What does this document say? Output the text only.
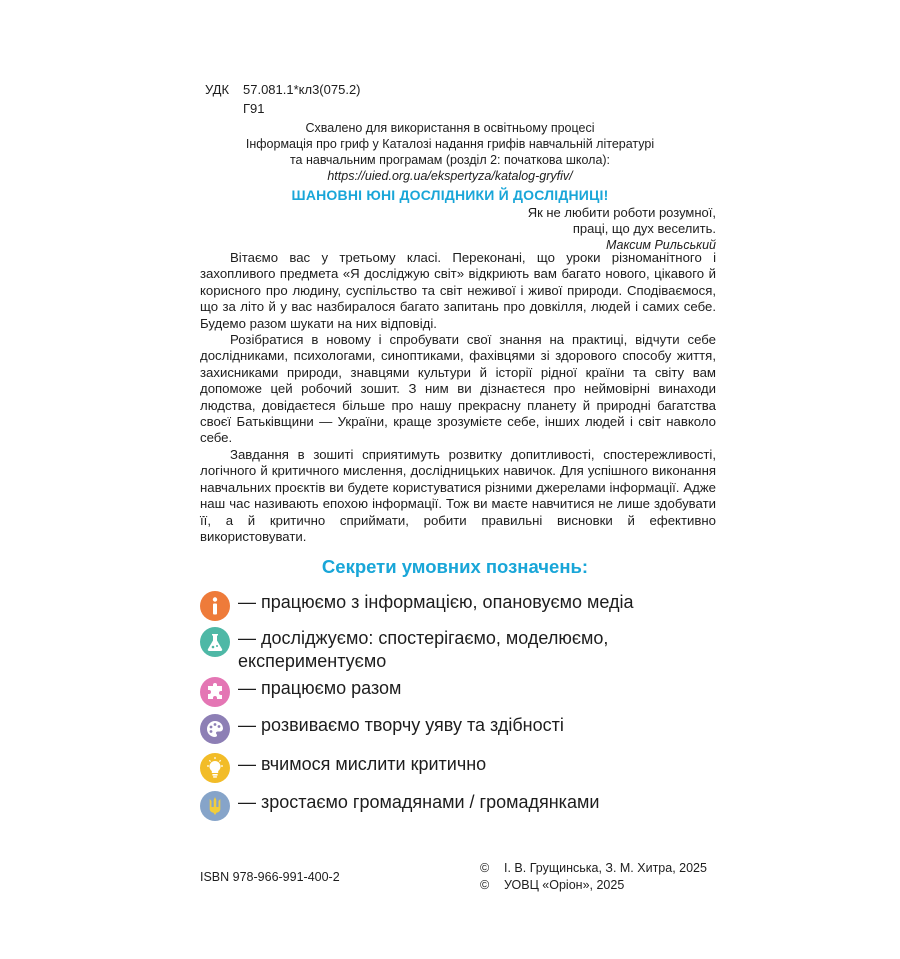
УДК 57.081.1*кл3(075.2)
Г91
Схвалено для використання в освітньому процесі
Інформація про гриф у Каталозі надання грифів навчальній літературі
та навчальним програмам (розділ 2: початкова школа):
https://uied.org.ua/ekspertyza/katalog-gryfiv/
ШАНОВНІ ЮНІ ДОСЛІДНИКИ Й ДОСЛІДНИЦІ!
Як не любити роботи розумної,
праці, що дух веселить.
Максим Рильський

Вітаємо вас у третьому класі. Переконані, що уроки різноманітного і захопливого предмета «Я досліджую світ» відкриють вам багато нового, цікавого й корисного про людину, суспільство та світ неживої і живої природи. Сподіваємося, що за літо й у вас назбиралося багато запитань про довкілля, людей і самих себе. Будемо разом шукати на них відповіді.

Розібратися в новому і спробувати свої знання на практиці, відчути себе дослідниками, психологами, синоптиками, фахівцями зі здорового способу життя, захисниками природи, знавцями культури й історії рідної країни та світу вам допоможе цей робочий зошит. З ним ви дізнаєтеся про неймовірні винаходи людства, довідаєтеся більше про нашу прекрасну планету й природні багатства своєї Батьківщини — України, краще зрозумієте себе, інших людей і світ навколо себе.

Завдання в зошиті сприятимуть розвитку допитливості, спостережливості, логічного й критичного мислення, дослідницьких навичок. Для успішного виконання навчальних проєктів ви будете користуватися різними джерелами інформації. Адже наш час називають епохою інформації. Тож ви маєте навчитися не лише здобувати її, а й критично сприймати, робити правильні висновки й ефективно використовувати.

Секрети умовних позначень:
— працюємо з інформацією, опановуємо медіа
— досліджуємо: спостерігаємо, моделюємо, експериментуємо
— працюємо разом
— розвиваємо творчу уяву та здібності
— вчимося мислити критично
— зростаємо громадянами / громадянками
ISBN 978-966-991-400-2
© І. В. Грущинська, З. М. Хитра, 2025
© УОВЦ «Оріон», 2025
